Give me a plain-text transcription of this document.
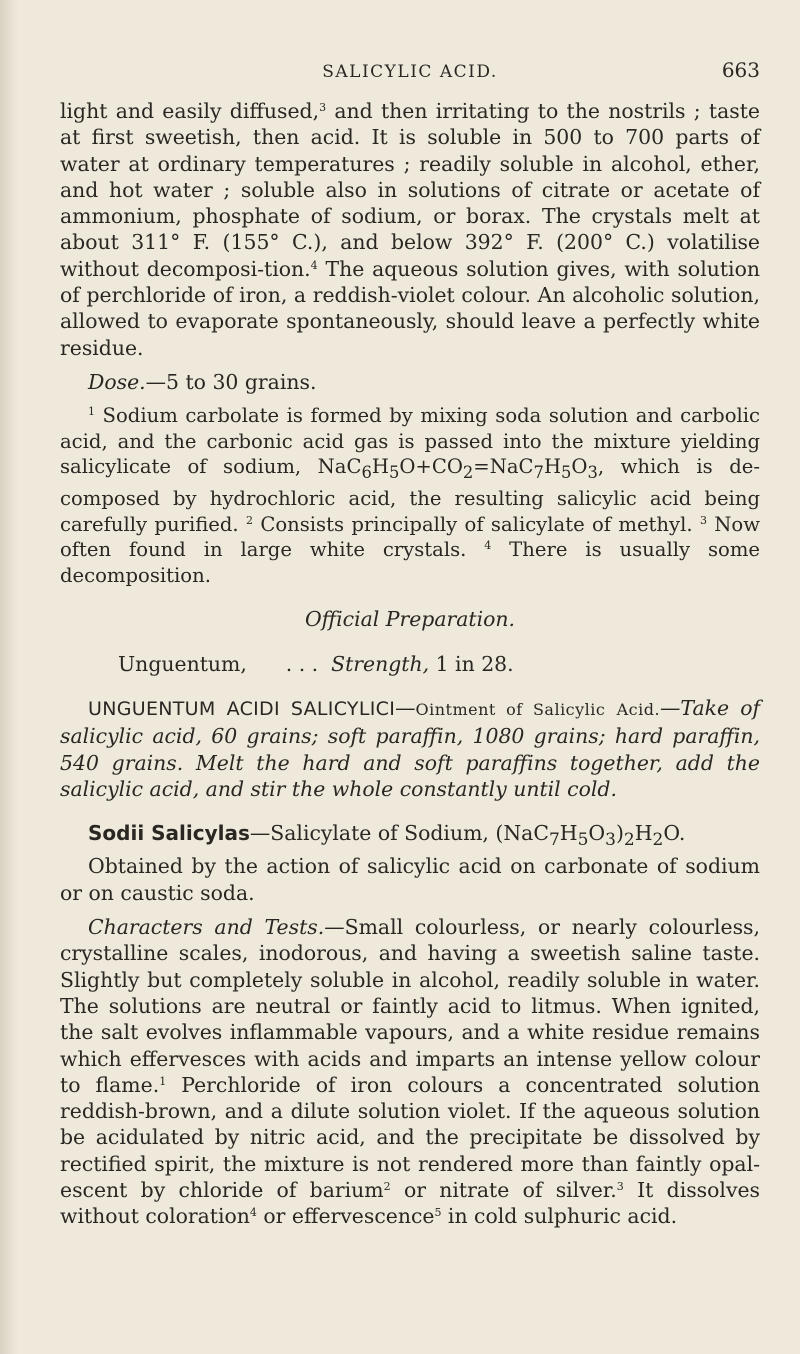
SALICYLIC ACID.	663

light and easily diffused,$^3$ and then irritating to the nostrils ; taste at first sweetish, then acid. It is soluble in 500 to 700 parts of water at ordinary temperatures ; readily soluble in alcohol, ether, and hot water ; soluble also in solutions of citrate or acetate of ammonium, phosphate of sodium, or borax. The crystals melt at about 311° F. (155° C.), and below 392° F. (200° C.) volatilise without decomposi-tion.$^4$ The aqueous solution gives, with solution of perchloride of iron, a reddish-violet colour. An alcoholic solution, allowed to evaporate spontaneously, should leave a perfectly white residue.

Dose.—5 to 30 grains.

$^1$ Sodium carbolate is formed by mixing soda solution and carbolic acid, and the carbonic acid gas is passed into the mixture yielding salicylicate of sodium, $NaC_6H_5O+CO_2=NaC_7H_5O_3$, which is de-composed by hydrochloric acid, the resulting salicylic acid being carefully purified. $^2$ Consists principally of salicylate of methyl. $^3$ Now often found in large white crystals. $^4$ There is usually some decomposition.

Official Preparation.

Unguentum, . . . Strength, 1 in 28.

UNGUENTUM ACIDI SALICYLICI—Ointment of Salicylic Acid.—Take of salicylic acid, 60 grains; soft paraffin, 1080 grains; hard paraffin, 540 grains. Melt the hard and soft paraffins together, add the salicylic acid, and stir the whole constantly until cold.

Sodii Salicylas—Salicylate of Sodium, $(NaC_7H_5O_3)_2H_2O$.

Obtained by the action of salicylic acid on carbonate of sodium or on caustic soda.

Characters and Tests.—Small colourless, or nearly colourless, crystalline scales, inodorous, and having a sweetish saline taste. Slightly but completely soluble in alcohol, readily soluble in water. The solutions are neutral or faintly acid to litmus. When ignited, the salt evolves inflammable vapours, and a white residue remains which effervesces with acids and imparts an intense yellow colour to flame.$^1$ Perchloride of iron colours a concentrated solution reddish-brown, and a dilute solution violet. If the aqueous solution be acidulated by nitric acid, and the precipitate be dissolved by rectified spirit, the mixture is not rendered more than faintly opal-escent by chloride of barium$^2$ or nitrate of silver.$^3$ It dissolves without coloration$^4$ or effervescence$^5$ in cold sulphuric acid.
